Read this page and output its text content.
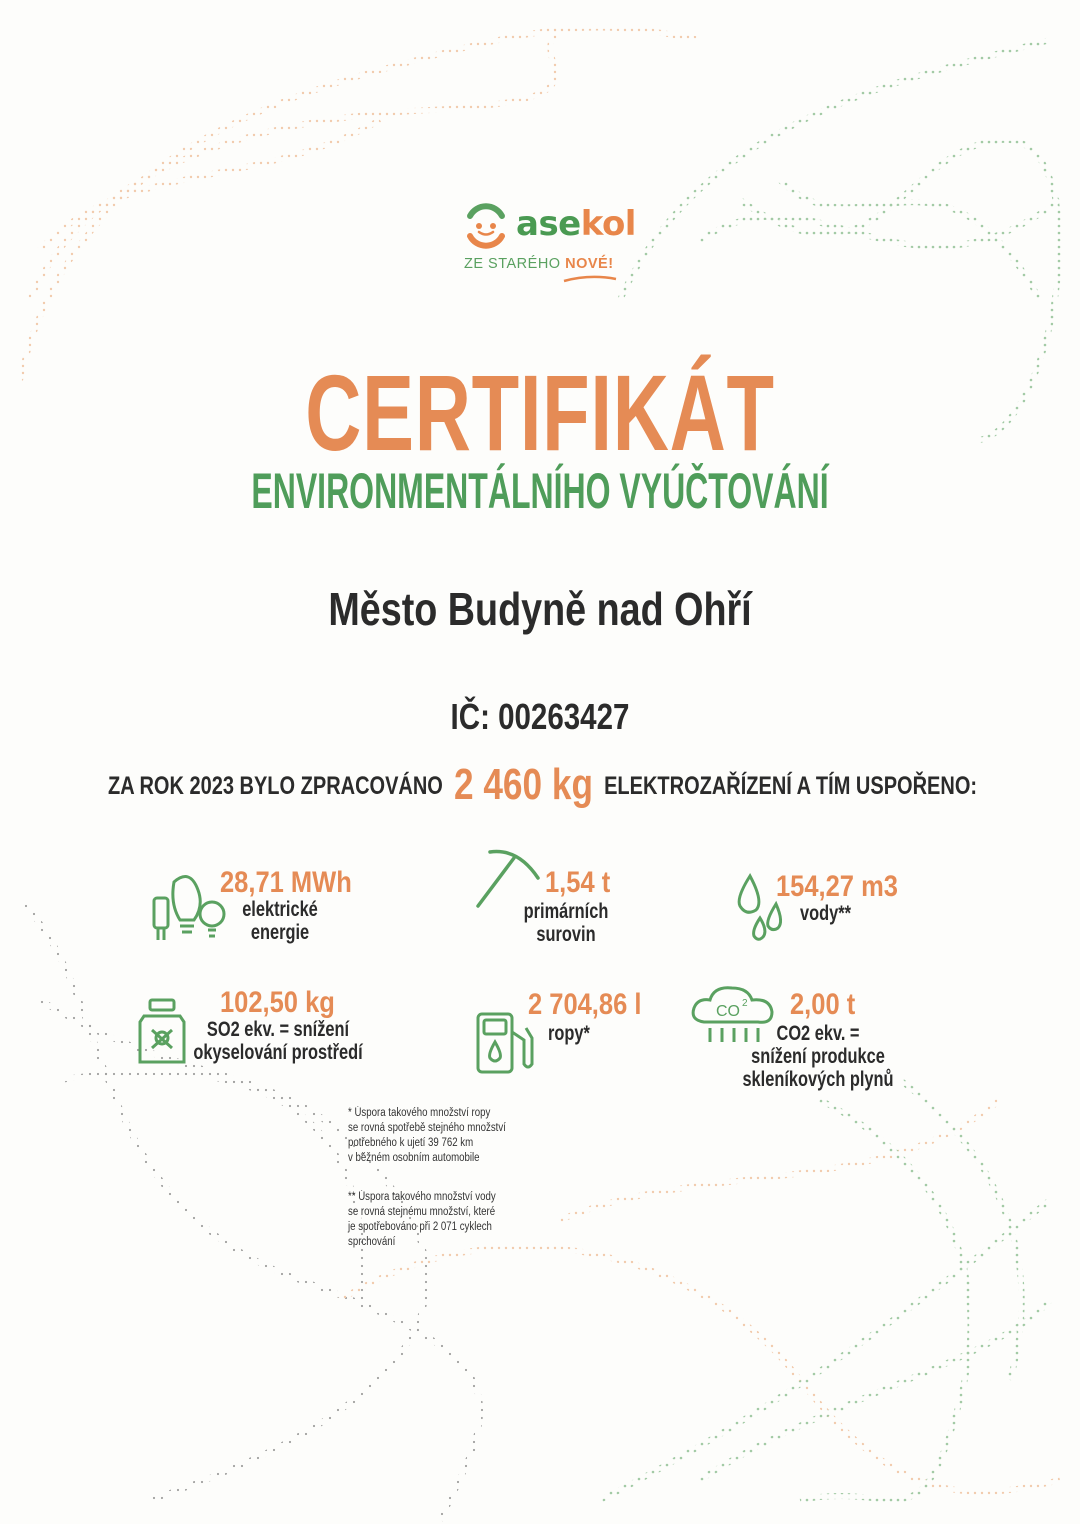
asekol
ZE STARÉHO NOVÉ!
CERTIFIKÁT
ENVIRONMENTÁLNÍHO VYÚČTOVÁNÍ
Město Budyně nad Ohří
IČ: 00263427
ZA ROK 2023 BYLO ZPRACOVÁNO 2 460 kg ELEKTROZAŘÍZENÍ A TÍM USPOŘENO:
28,71 MWh
elektrické
energie
1,54 t
primárních
surovin
154,27 m3
vody**
102,50 kg
SO2 ekv. = snížení
okyselování prostředí
2 704,86 l
ropy*
CO 2 2,00 t
CO2 ekv. =
snížení produkce
skleníkových plynů
* Úspora takového množství ropy
se rovná spotřebě stejného množství
potřebného k ujetí 39 762 km
v běžném osobním automobile
** Úspora takového množství vody
se rovná stejnému množství, které
je spotřebováno při 2 071 cyklech
sprchování
